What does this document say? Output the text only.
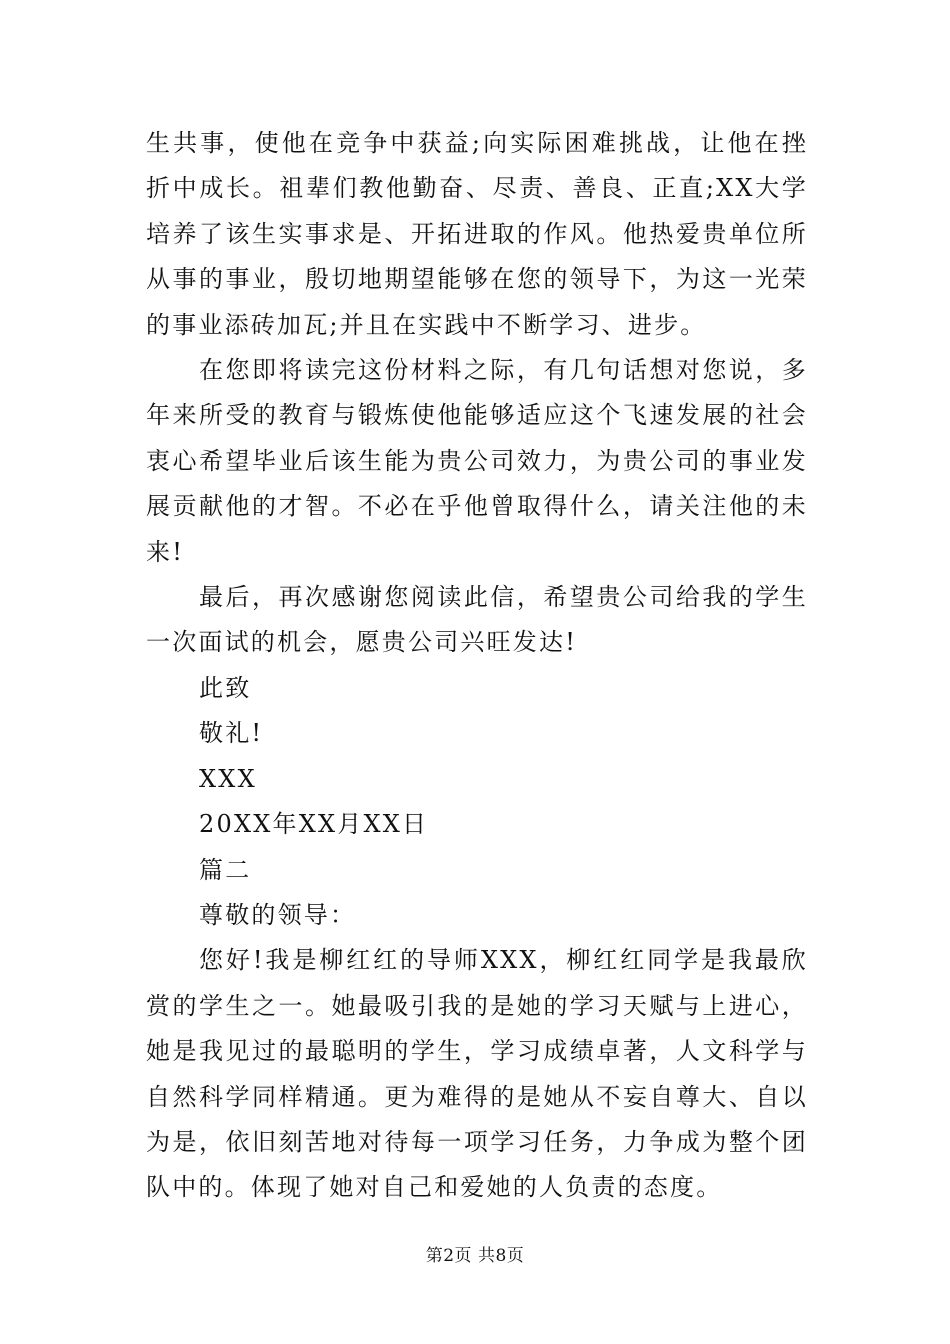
生共事，使他在竞争中获益;向实际困难挑战，让他在挫折中成长。祖辈们教他勤奋、尽责、善良、正直;XX大学培养了该生实事求是、开拓进取的作风。他热爱贵单位所从事的事业，殷切地期望能够在您的领导下，为这一光荣的事业添砖加瓦;并且在实践中不断学习、进步。

在您即将读完这份材料之际，有几句话想对您说，多年来所受的教育与锻炼使他能够适应这个飞速发展的社会衷心希望毕业后该生能为贵公司效力，为贵公司的事业发展贡献他的才智。不必在乎他曾取得什么，请关注他的未来!

最后，再次感谢您阅读此信，希望贵公司给我的学生一次面试的机会，愿贵公司兴旺发达!

此致

敬礼!

XXX

20XX年XX月XX日

篇二

尊敬的领导：

您好!我是柳红红的导师XXX，柳红红同学是我最欣赏的学生之一。她最吸引我的是她的学习天赋与上进心，她是我见过的最聪明的学生，学习成绩卓著，人文科学与自然科学同样精通。更为难得的是她从不妄自尊大、自以为是，依旧刻苦地对待每一项学习任务，力争成为整个团队中的。体现了她对自己和爱她的人负责的态度。

第2页 共8页
